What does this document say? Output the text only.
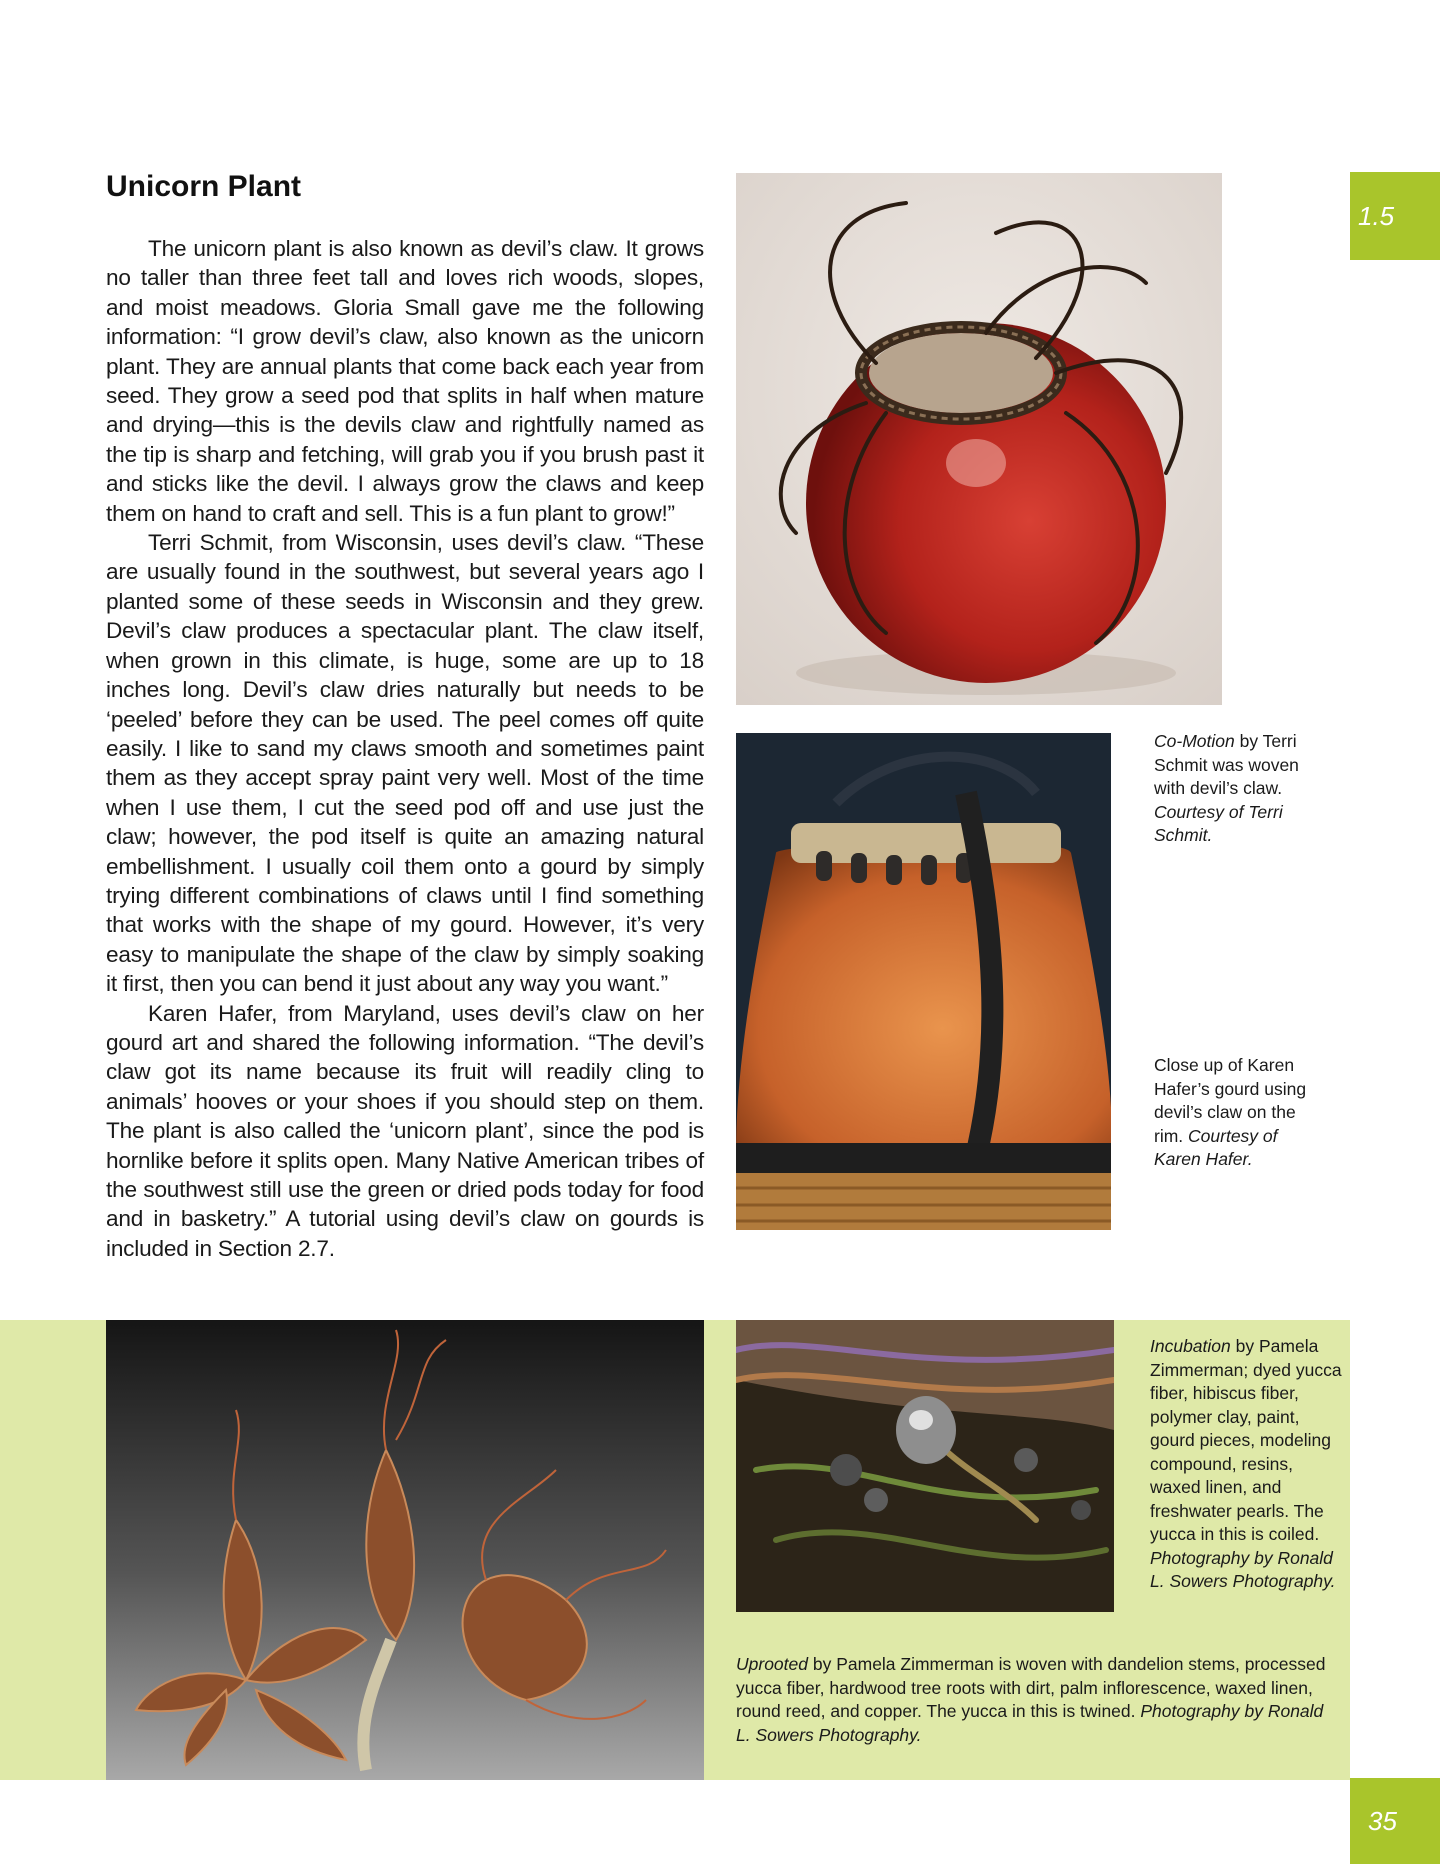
1.5
Unicorn Plant

The unicorn plant is also known as devil’s claw. It grows no taller than three feet tall and loves rich woods, slopes, and moist meadows. Gloria Small gave me the following information: “I grow devil’s claw, also known as the unicorn plant. They are annual plants that come back each year from seed. They grow a seed pod that splits in half when mature and drying—this is the devils claw and rightfully named as the tip is sharp and fetching, will grab you if you brush past it and sticks like the devil. I always grow the claws and keep them on hand to craft and sell. This is a fun plant to grow!”

Terri Schmit, from Wisconsin, uses devil’s claw. “These are usually found in the southwest, but several years ago I planted some of these seeds in Wisconsin and they grew. Devil’s claw produces a spectacular plant. The claw itself, when grown in this climate, is huge, some are up to 18 inches long. Devil’s claw dries naturally but needs to be ‘peeled’ before they can be used. The peel comes off quite easily. I like to sand my claws smooth and sometimes paint them as they accept spray paint very well. Most of the time when I use them, I cut the seed pod off and use just the claw; however, the pod itself is quite an amazing natural embellishment. I usually coil them onto a gourd by simply trying different combinations of claws until I find something that works with the shape of my gourd. However, it’s very easy to manipulate the shape of the claw by simply soaking it first, then you can bend it just about any way you want.”

Karen Hafer, from Maryland, uses devil’s claw on her gourd art and shared the following information. “The devil’s claw got its name because its fruit will readily cling to animals’ hooves or your shoes if you should step on them. The plant is also called the ‘unicorn plant’, since the pod is hornlike before it splits open. Many Native American tribes of the southwest still use the green or dried pods today for food and in basketry.” A tutorial using devil’s claw on gourds is included in Section 2.7.

Co-Motion by Terri Schmit was woven with devil’s claw. Courtesy of Terri Schmit.
Close up of Karen Hafer’s gourd using devil’s claw on the rim. Courtesy of Karen Hafer.
Incubation by Pamela Zimmerman; dyed yucca fiber, hibiscus fiber, polymer clay, paint, gourd pieces, modeling compound, resins, waxed linen, and freshwater pearls. The yucca in this is coiled. Photography by Ronald L. Sowers Photography.
Uprooted by Pamela Zimmerman is woven with dandelion stems, processed yucca fiber, hardwood tree roots with dirt, palm inflorescence, waxed linen, round reed, and copper. The yucca in this is twined. Photography by Ronald L. Sowers Photography.
35
